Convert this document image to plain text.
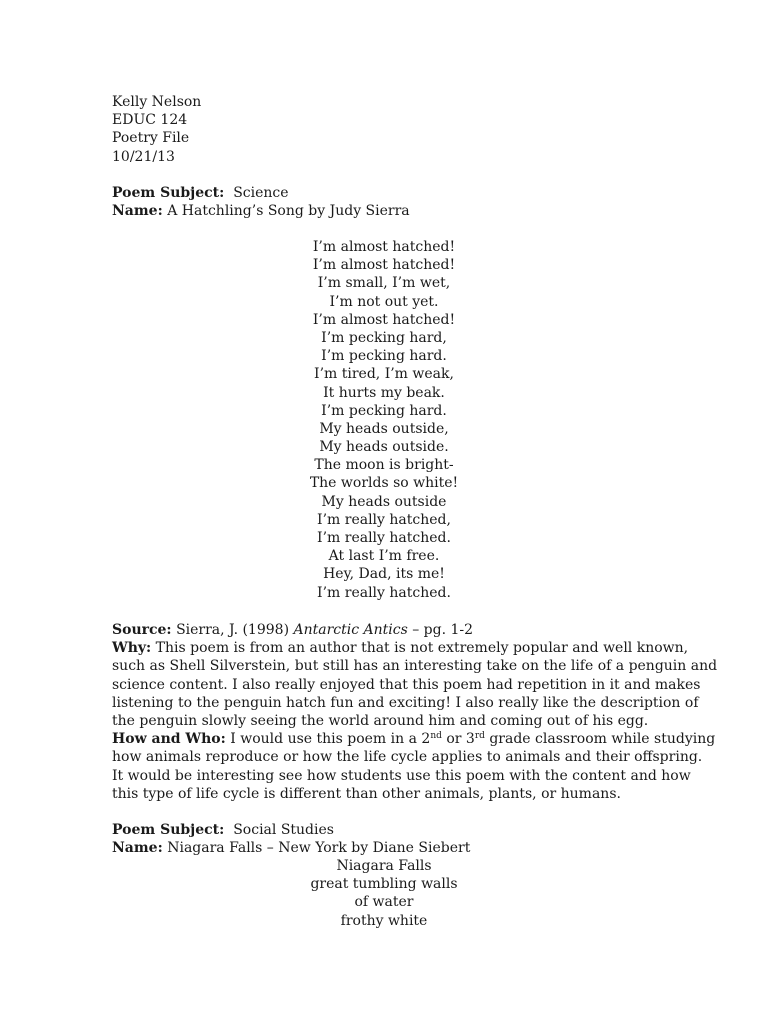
Kelly Nelson
EDUC 124
Poetry File
10/21/13
Poem Subject: Science
Name: A Hatchling’s Song by Judy Sierra
I’m almost hatched!
I’m almost hatched!
I’m small, I’m wet,
I’m not out yet.
I’m almost hatched!
I’m pecking hard,
I’m pecking hard.
I’m tired, I’m weak,
It hurts my beak.
I’m pecking hard.
My heads outside,
My heads outside.
The moon is bright-
The worlds so white!
My heads outside
I’m really hatched,
I’m really hatched.
At last I’m free.
Hey, Dad, its me!
I’m really hatched.
Source: Sierra, J. (1998) Antarctic Antics – pg. 1-2
Why: This poem is from an author that is not extremely popular and well known,
such as Shell Silverstein, but still has an interesting take on the life of a penguin and
science content. I also really enjoyed that this poem had repetition in it and makes
listening to the penguin hatch fun and exciting! I also really like the description of
the penguin slowly seeing the world around him and coming out of his egg.
How and Who: I would use this poem in a 2nd or 3rd grade classroom while studying
how animals reproduce or how the life cycle applies to animals and their offspring.
It would be interesting see how students use this poem with the content and how
this type of life cycle is different than other animals, plants, or humans.
Poem Subject: Social Studies
Name: Niagara Falls – New York by Diane Siebert
Niagara Falls
great tumbling walls
of water
frothy white
